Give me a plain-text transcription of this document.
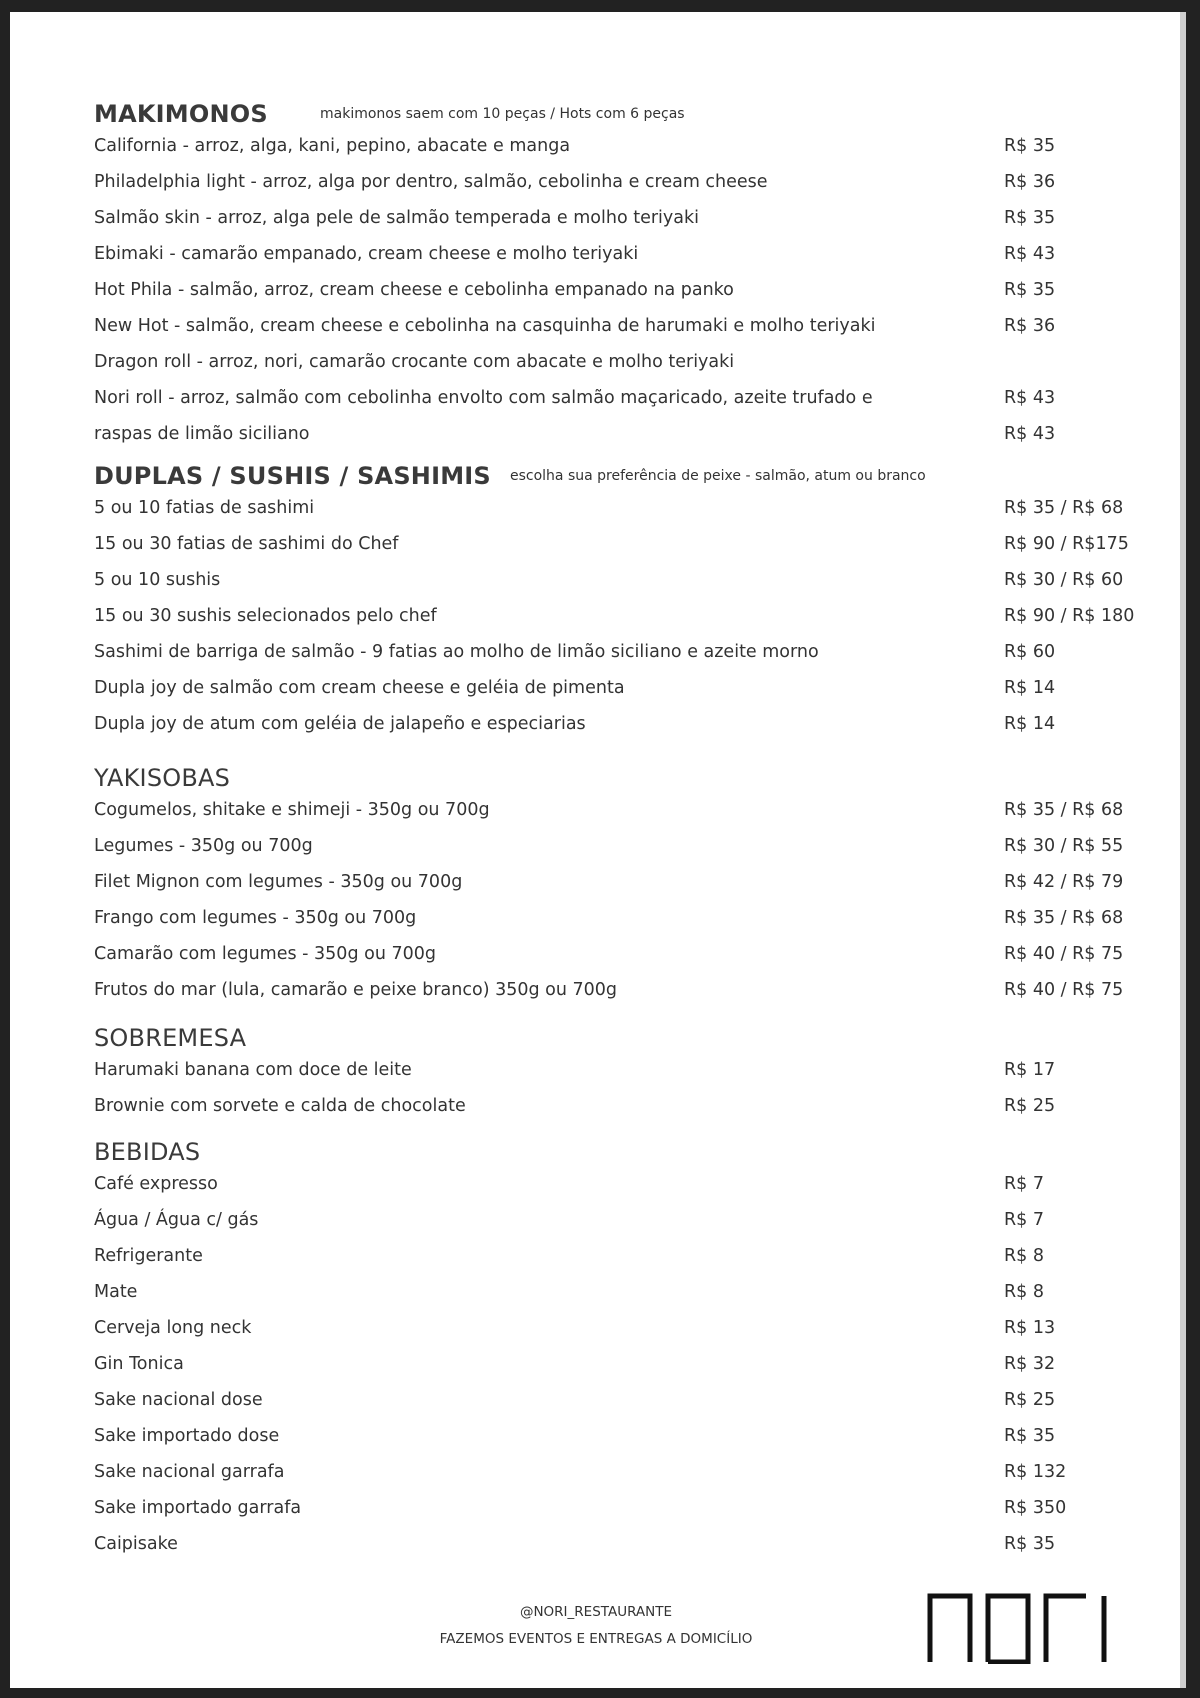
MAKIMONOS	makimonos saem com 10 peças / Hots com 6 peças
California - arroz, alga, kani, pepino, abacate e manga	R$ 35
Philadelphia light - arroz, alga por dentro, salmão, cebolinha e cream cheese	R$ 36
Salmão skin - arroz, alga pele de salmão temperada e molho teriyaki	R$ 35
Ebimaki - camarão empanado, cream cheese e molho teriyaki	R$ 43
Hot Phila - salmão, arroz, cream cheese e cebolinha empanado na panko	R$ 35
New Hot - salmão, cream cheese e cebolinha na casquinha de harumaki e molho teriyaki	R$ 36
Dragon roll - arroz, nori, camarão crocante com abacate e molho teriyaki
Nori roll - arroz, salmão com cebolinha envolto com salmão maçaricado, azeite trufado e	R$ 43
raspas de limão siciliano	R$ 43
DUPLAS / SUSHIS / SASHIMIS escolha sua preferência de peixe - salmão, atum ou branco
5 ou 10 fatias de sashimi	R$ 35 / R$ 68
15 ou 30 fatias de sashimi do Chef	R$ 90 / R$175
5 ou 10 sushis	R$ 30 / R$ 60
15 ou 30 sushis selecionados pelo chef	R$ 90 / R$ 180
Sashimi de barriga de salmão - 9 fatias ao molho de limão siciliano e azeite morno	R$ 60
Dupla joy de salmão com cream cheese e geléia de pimenta	R$ 14
Dupla joy de atum com geléia de jalapeño e especiarias	R$ 14
YAKISOBAS
Cogumelos, shitake e shimeji - 350g ou 700g	R$ 35 / R$ 68
Legumes - 350g ou 700g	R$ 30 / R$ 55
Filet Mignon com legumes - 350g ou 700g	R$ 42 / R$ 79
Frango com legumes - 350g ou 700g	R$ 35 / R$ 68
Camarão com legumes - 350g ou 700g	R$ 40 / R$ 75
Frutos do mar (lula, camarão e peixe branco) 350g ou 700g	R$ 40 / R$ 75
SOBREMESA
Harumaki banana com doce de leite	R$ 17
Brownie com sorvete e calda de chocolate	R$ 25
BEBIDAS
Café expresso	R$ 7
Água / Água c/ gás	R$ 7
Refrigerante	R$ 8
Mate	R$ 8
Cerveja long neck	R$ 13
Gin Tonica	R$ 32
Sake nacional dose	R$ 25
Sake importado dose	R$ 35
Sake nacional garrafa	R$ 132
Sake importado garrafa	R$ 350
Caipisake	R$ 35
@NORI_RESTAURANTE
FAZEMOS EVENTOS E ENTREGAS A DOMICÍLIO
